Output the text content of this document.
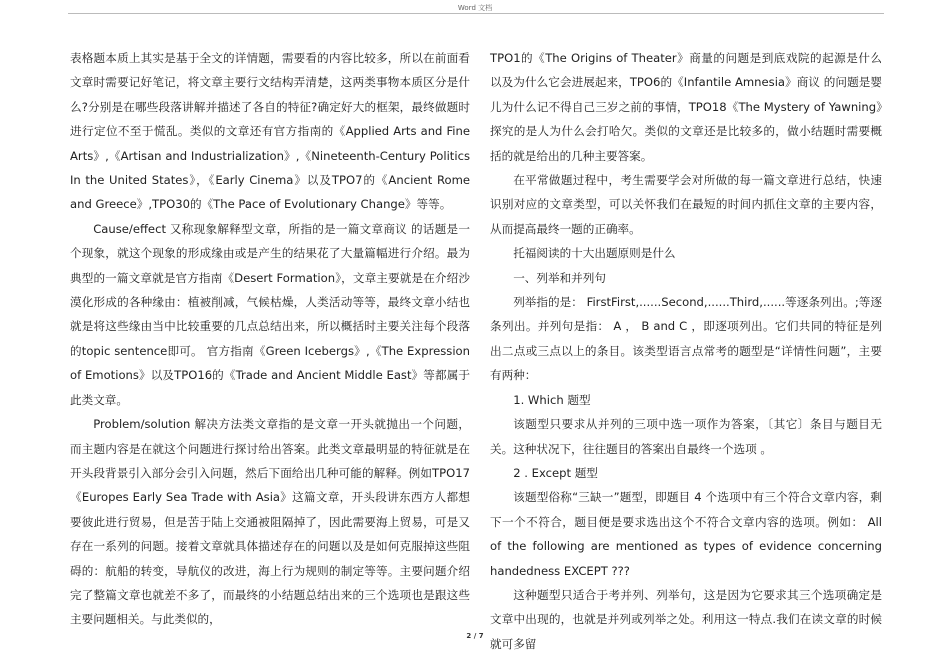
Word 文档

表格题本质上其实是基于全文的详情题，需要看的内容比较多，所以在前面看文章时需要记好笔记，将文章主要行文结构弄清楚，这两类事物本质区分是什么?分别是在哪些段落讲解并描述了各自的特征?确定好大的框架，最终做题时进行定位不至于慌乱。类似的文章还有官方指南的《Applied Arts and Fine Arts》,《Artisan and Industrialization》,《Nineteenth-Century Politics In the United States》，《Early Cinema》以及TPO7的《Ancient Rome and Greece》,TPO30的《The Pace of Evolutionary Change》等等。

Cause/effect 又称现象解释型文章，所指的是一篇文章商议 的话题是一个现象，就这个现象的形成缘由或是产生的结果花了大量篇幅进行介绍。最为典型的一篇文章就是官方指南《Desert Formation》，文章主要就是在介绍沙漠化形成的各种缘由：植被削减，气候枯燥，人类活动等等，最终文章小结也就是将这些缘由当中比较重要的几点总结出来，所以概括时主要关注每个段落的topic sentence即可。 官方指南《Green Icebergs》,《The Expression of Emotions》以及TPO16的《Trade and Ancient Middle East》等都属于此类文章。

Problem/solution 解决方法类文章指的是文章一开头就抛出一个问题，而主题内容是在就这个问题进行探讨给出答案。此类文章最明显的特征就是在开头段背景引入部分会引入问题，然后下面给出几种可能的解释。例如TPO17《Europes Early Sea Trade with Asia》这篇文章，开头段讲东西方人都想要彼此进行贸易，但是苦于陆上交通被阻隔掉了，因此需要海上贸易，可是又存在一系列的问题。接着文章就具体描述存在的问题以及是如何克服掉这些阻碍的：航船的转变，导航仪的改进，海上行为规则的制定等等。主要问题介绍完了整篇文章也就差不多了，而最终的小结题总结出来的三个选项也是跟这些主要问题相关。与此类似的，

TPO1的《The Origins of Theater》商量的问题是到底戏院的起源是什么以及为什么它会进展起来，TPO6的《Infantile Amnesia》商议 的问题是婴儿为什么记不得自己三岁之前的事情，TPO18《The Mystery of Yawning》探究的是人为什么会打哈欠。类似的文章还是比较多的，做小结题时需要概括的就是给出的几种主要答案。

在平常做题过程中，考生需要学会对所做的每一篇文章进行总结，快速识别对应的文章类型，可以关怀我们在最短的时间内抓住文章的主要内容，从而提高最终一题的正确率。

托福阅读的十大出题原则是什么

一、列举和并列句

列举指的是： FirstFirst,......Second,......Third,......等逐条列出。;等逐条列出。并列句是指： A ， B and C ，即逐项列出。它们共同的特征是列出二点或三点以上的条目。该类型语言点常考的题型是“详情性问题”，主要有两种：

1. Which 题型

该题型只要求从并列的三项中选一项作为答案，〔其它〕条目与题目无关。这种状况下，往往题目的答案出自最终一个选项 。

2 . Except 题型

该题型俗称“三缺一”题型，即题目 4 个选项中有三个符合文章内容，剩下一个不符合，题目便是要求选出这个不符合文章内容的选项。例如： All of the following are mentioned as types of evidence concerning handedness EXCEPT ???

这种题型只适合于考并列、列举句，这是因为它要求其三个选项确定是文章中出现的，也就是并列或列举之处。利用这一特点.我们在读文章的时候就可多留

2 / 7
